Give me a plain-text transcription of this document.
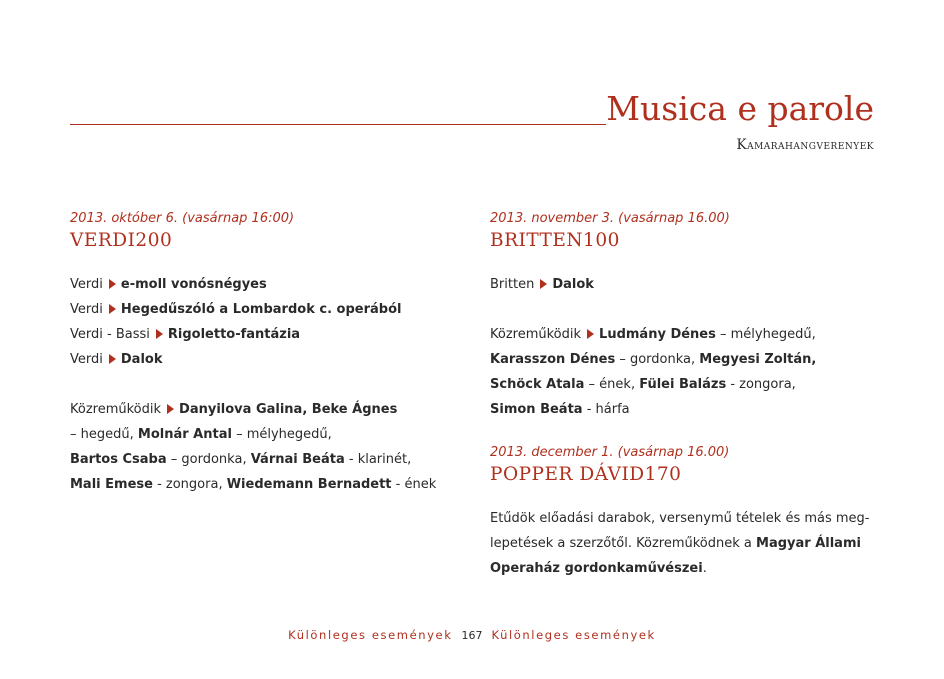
Musica e parole
Kamarahangverenyek
2013. október 6. (vasárnap 16:00)
VERDI200
Verdi e-moll vonósnégyes
Verdi Hegedűszóló a Lombardok c. operából
Verdi - Bassi Rigoletto-fantázia
Verdi Dalok
Közreműködik Danyilova Galina, Beke Ágnes
– hegedű, Molnár Antal – mélyhegedű,
Bartos Csaba – gordonka, Várnai Beáta - klarinét,
Mali Emese - zongora, Wiedemann Bernadett - ének
2013. november 3. (vasárnap 16.00)
BRITTEN100
Britten Dalok
Közreműködik Ludmány Dénes – mélyhegedű,
Karasszon Dénes – gordonka, Megyesi Zoltán,
Schöck Atala – ének, Fülei Balázs - zongora,
Simon Beáta - hárfa
2013. december 1. (vasárnap 16.00)
POPPER DÁVID170
Etűdök előadási darabok, versenymű tételek és más meg-
lepetések a szerzőtől. Közreműködnek a Magyar Állami
Operaház gordonkaművészei.
Különleges események 167 Különleges események
